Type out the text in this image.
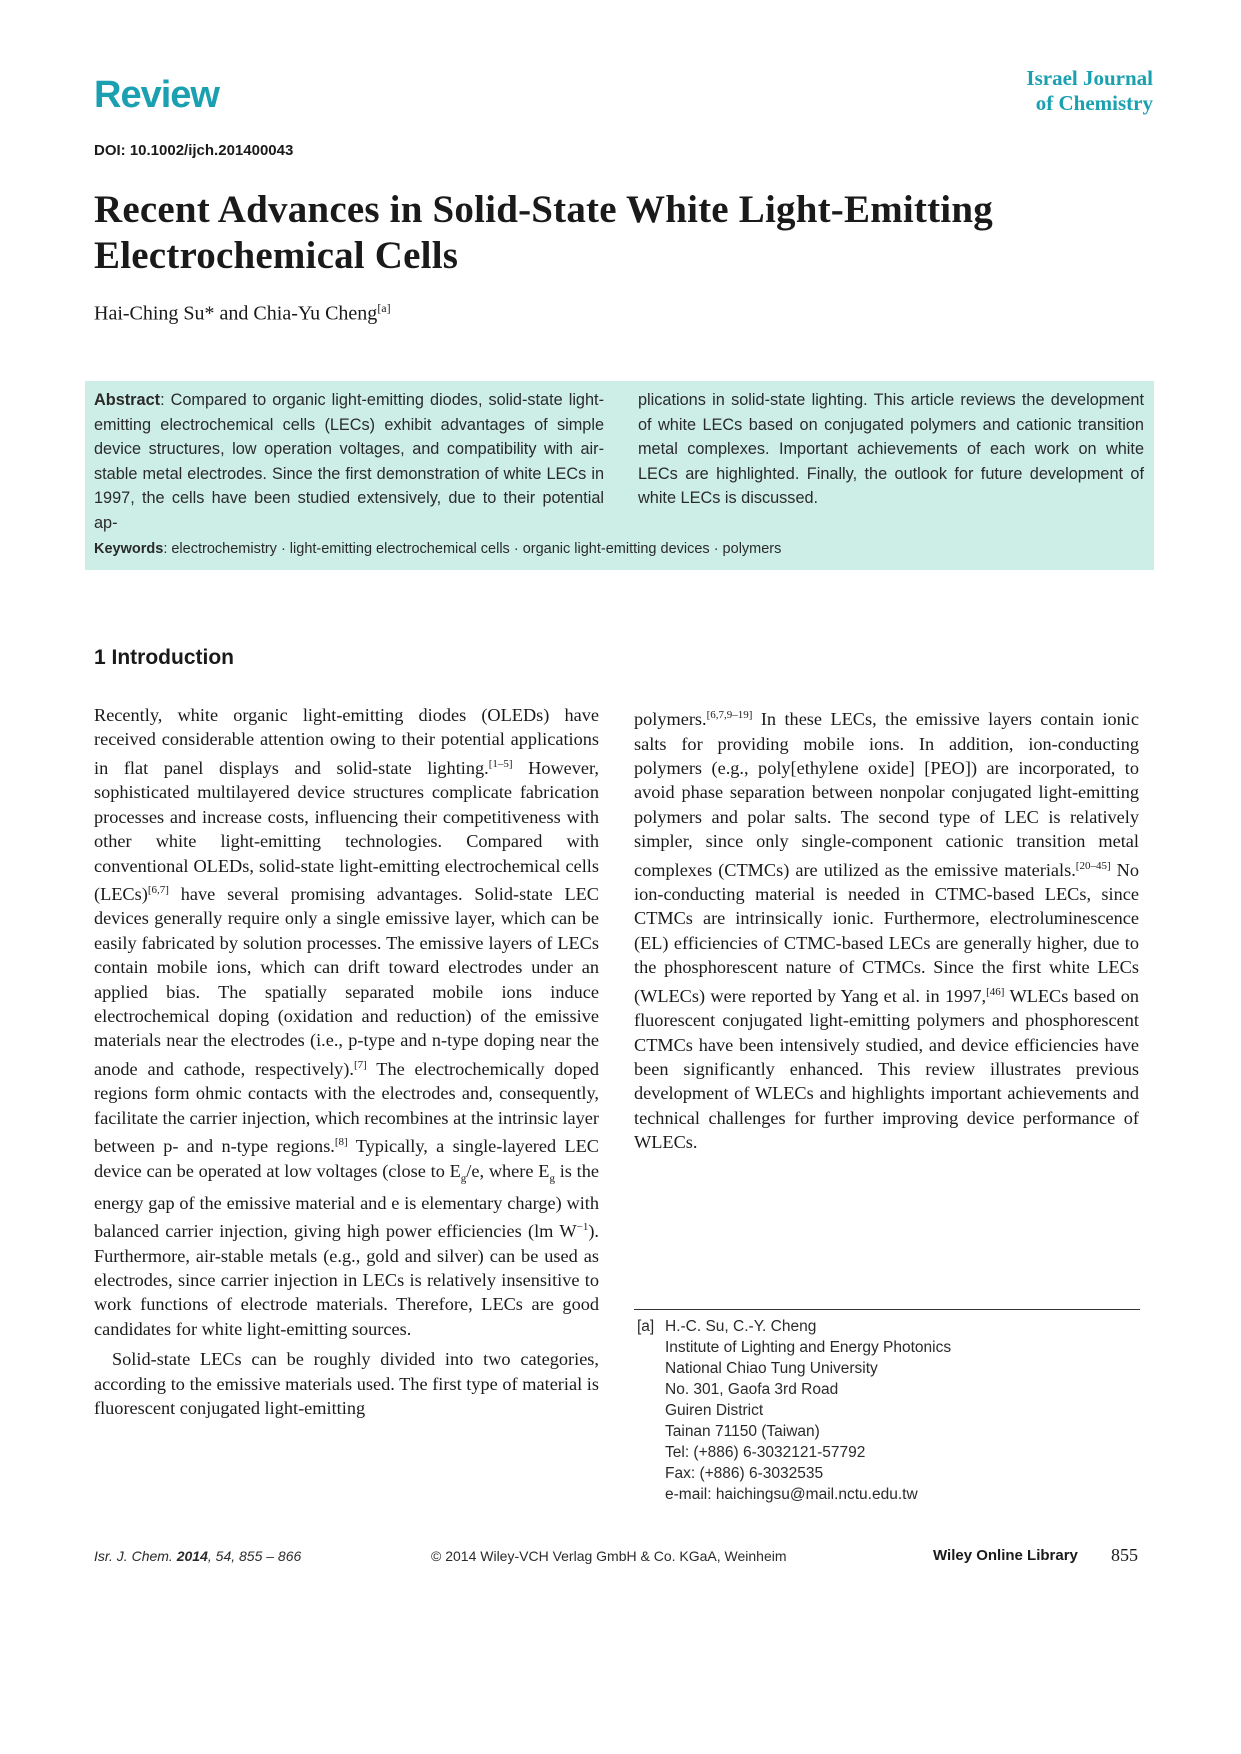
Review	Israel Journal
of Chemistry
DOI: 10.1002/ijch.201400043
Recent Advances in Solid-State White Light-Emitting
Electrochemical Cells
Hai-Ching Su* and Chia-Yu Cheng[a]
Abstract: Compared to organic light-emitting diodes, solid-state light-emitting electrochemical cells (LECs) exhibit advantages of simple device structures, low operation voltages, and compatibility with air-stable metal electrodes. Since the first demonstration of white LECs in 1997, the cells have been studied extensively, due to their potential ap-
plications in solid-state lighting. This article reviews the development of white LECs based on conjugated polymers and cationic transition metal complexes. Important achievements of each work on white LECs are highlighted. Finally, the outlook for future development of white LECs is discussed.
Keywords: electrochemistry · light-emitting electrochemical cells · organic light-emitting devices · polymers
1 Introduction

Recently, white organic light-emitting diodes (OLEDs) have received considerable attention owing to their potential applications in flat panel displays and solid-state lighting.[1–5] However, sophisticated multilayered device structures complicate fabrication processes and increase costs, influencing their competitiveness with other white light-emitting technologies. Compared with conventional OLEDs, solid-state light-emitting electrochemical cells (LECs)[6,7] have several promising advantages. Solid-state LEC devices generally require only a single emissive layer, which can be easily fabricated by solution processes. The emissive layers of LECs contain mobile ions, which can drift toward electrodes under an applied bias. The spatially separated mobile ions induce electrochemical doping (oxidation and reduction) of the emissive materials near the electrodes (i.e., p-type and n-type doping near the anode and cathode, respectively).[7] The electrochemically doped regions form ohmic contacts with the electrodes and, consequently, facilitate the carrier injection, which recombines at the intrinsic layer between p- and n-type regions.[8] Typically, a single-layered LEC device can be operated at low voltages (close to $E_g/e$, where $E_g$ is the energy gap of the emissive material and e is elementary charge) with balanced carrier injection, giving high power efficiencies (lm $W^{-1}$). Furthermore, air-stable metals (e.g., gold and silver) can be used as electrodes, since carrier injection in LECs is relatively insensitive to work functions of electrode materials. Therefore, LECs are good candidates for white light-emitting sources.

Solid-state LECs can be roughly divided into two categories, according to the emissive materials used. The first type of material is fluorescent conjugated light-emitting

polymers.[6,7,9–19] In these LECs, the emissive layers contain ionic salts for providing mobile ions. In addition, ion-conducting polymers (e.g., poly[ethylene oxide] [PEO]) are incorporated, to avoid phase separation between nonpolar conjugated light-emitting polymers and polar salts. The second type of LEC is relatively simpler, since only single-component cationic transition metal complexes (CTMCs) are utilized as the emissive materials.[20–45] No ion-conducting material is needed in CTMC-based LECs, since CTMCs are intrinsically ionic. Furthermore, electroluminescence (EL) efficiencies of CTMC-based LECs are generally higher, due to the phosphorescent nature of CTMCs. Since the first white LECs (WLECs) were reported by Yang et al. in 1997,[46] WLECs based on fluorescent conjugated light-emitting polymers and phosphorescent CTMCs have been intensively studied, and device efficiencies have been significantly enhanced. This review illustrates previous development of WLECs and highlights important achievements and technical challenges for further improving device performance of WLECs.

[a] H.-C. Su, C.-Y. Cheng
Institute of Lighting and Energy Photonics
National Chiao Tung University
No. 301, Gaofa 3rd Road
Guiren District
Tainan 71150 (Taiwan)
Tel: (+886) 6-3032121-57792
Fax: (+886) 6-3032535
e-mail: haichingsu@mail.nctu.edu.tw
Isr. J. Chem. 2014, 54, 855 – 866	© 2014 Wiley-VCH Verlag GmbH & Co. KGaA, Weinheim	Wiley Online Library 855
